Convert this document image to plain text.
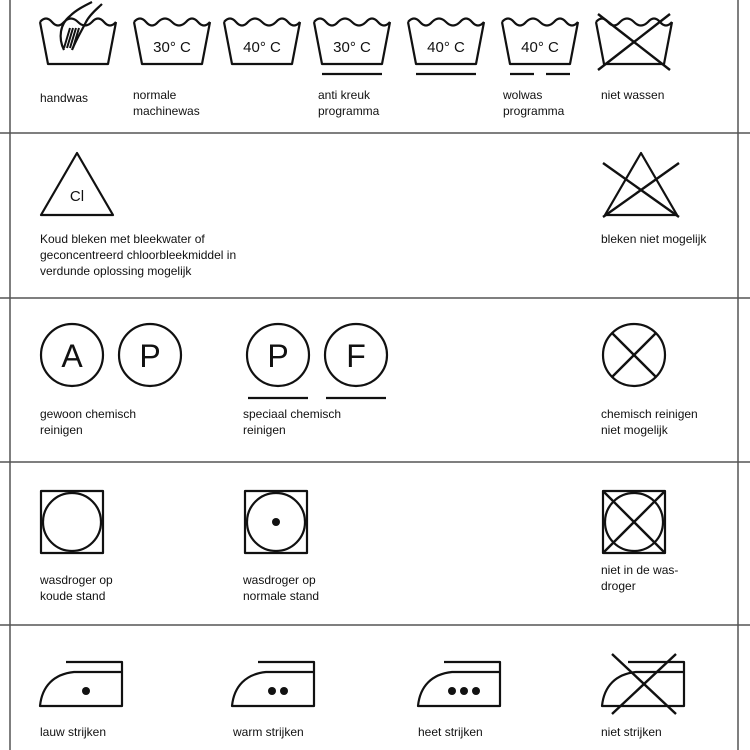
handwas
30° C
normale machinewas
40° C	30° C
anti kreuk programma
40° C	40° C
wolwas programma
niet wassen
Cl
Koud bleken met bleekwater of geconcentreerd chloorbleekmiddel in verdunde oplossing mogelijk
bleken niet mogelijk
A
gewoon chemisch reinigen
P	P
speciaal chemisch reinigen
F
chemisch reinigen niet mogelijk
wasdroger op koude stand
wasdroger op normale stand
niet in de was-droger
lauw strijken	warm strijken	heet strijken	niet strijken
